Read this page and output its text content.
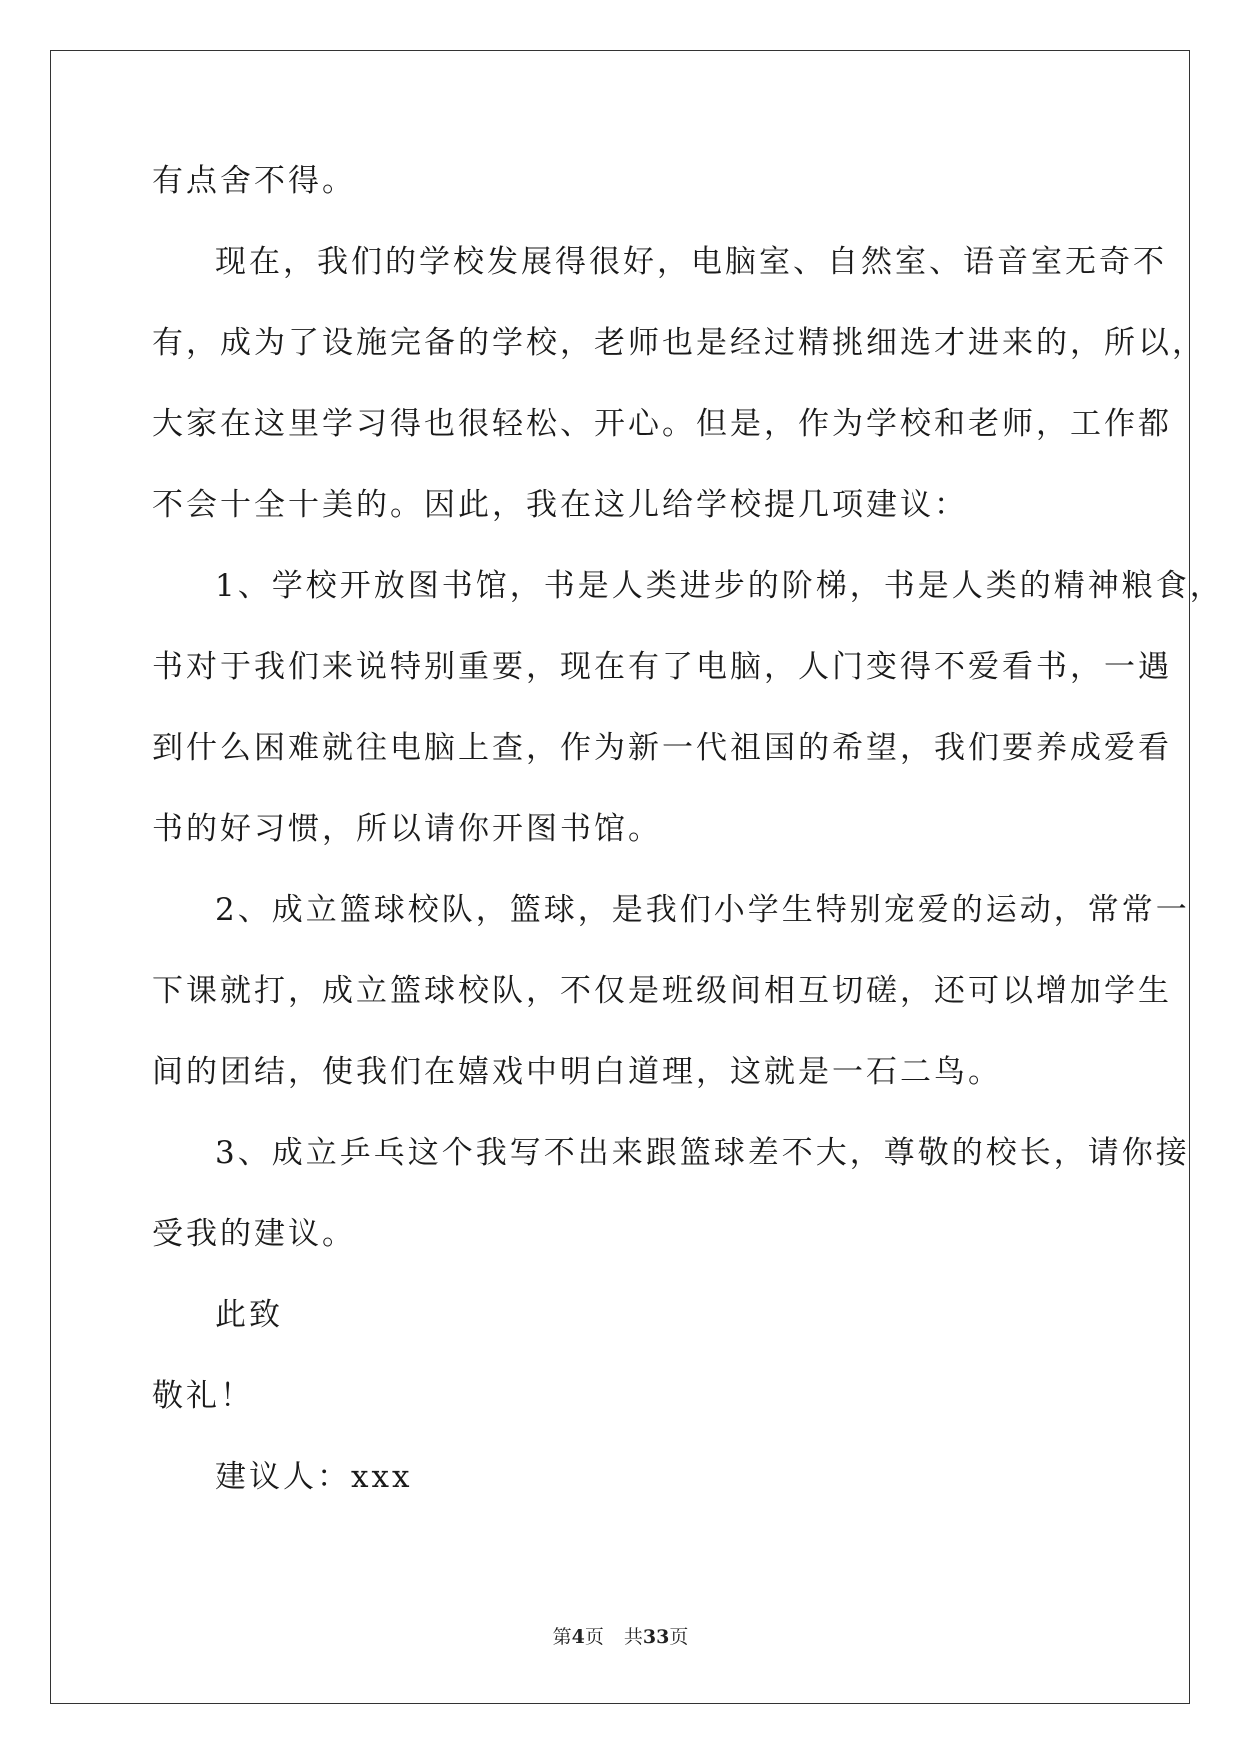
有点舍不得。
现在，我们的学校发展得很好，电脑室、自然室、语音室无奇不
有，成为了设施完备的学校，老师也是经过精挑细选才进来的，所以，
大家在这里学习得也很轻松、开心。但是，作为学校和老师，工作都
不会十全十美的。因此，我在这儿给学校提几项建议：
1、学校开放图书馆，书是人类进步的阶梯，书是人类的精神粮食，
书对于我们来说特别重要，现在有了电脑，人门变得不爱看书，一遇
到什么困难就往电脑上查，作为新一代祖国的希望，我们要养成爱看
书的好习惯，所以请你开图书馆。
2、成立篮球校队，篮球，是我们小学生特别宠爱的运动，常常一
下课就打，成立篮球校队，不仅是班级间相互切磋，还可以增加学生
间的团结，使我们在嬉戏中明白道理，这就是一石二鸟。
3、成立乒乓这个我写不出来跟篮球差不大，尊敬的校长，请你接
受我的建议。
此致
敬礼！
建议人：xxx
第4页 共33页
